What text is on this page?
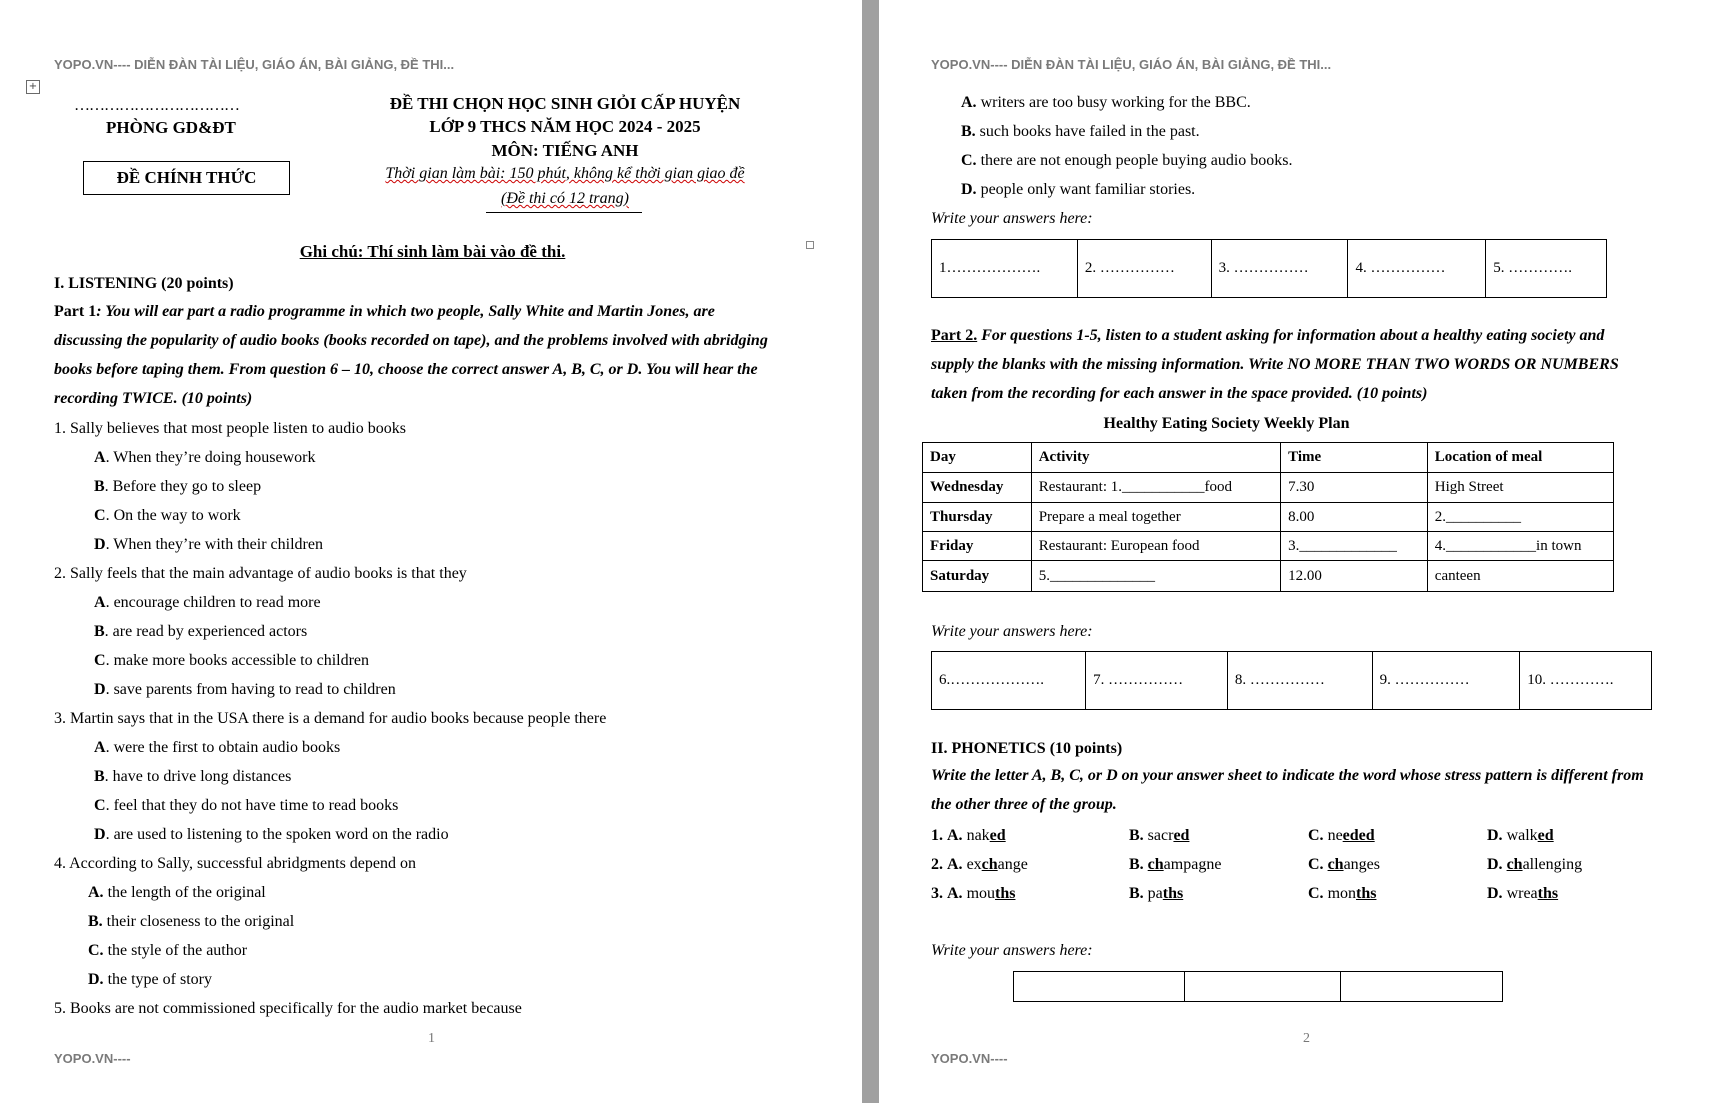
YOPO.VN---- DIỄN ĐÀN TÀI LIỆU, GIÁO ÁN, BÀI GIẢNG, ĐỀ THI...
+
……………………………
PHÒNG GD&ĐT
ĐỀ CHÍNH THỨC
ĐỀ THI CHỌN HỌC SINH GIỎI CẤP HUYỆN
LỚP 9 THCS NĂM HỌC 2024 - 2025
MÔN: TIẾNG ANH
Thời gian làm bài: 150 phút, không kể thời gian giao đề
(Đề thi có 12 trang)
Ghi chú: Thí sinh làm bài vào đề thi.
I. LISTENING (20 points)
Part 1: You will ear part a radio programme in which two people, Sally White and Martin Jones, are
discussing the popularity of audio books (books recorded on tape), and the problems involved with abridging
books before taping them. From question 6 – 10, choose the correct answer A, B, C, or D. You will hear the
recording TWICE. (10 points)
1. Sally believes that most people listen to audio books
A. When they’re doing housework
B. Before they go to sleep
C. On the way to work
D. When they’re with their children
2. Sally feels that the main advantage of audio books is that they
A. encourage children to read more
B. are read by experienced actors
C. make more books accessible to children
D. save parents from having to read to children
3. Martin says that in the USA there is a demand for audio books because people there
A. were the first to obtain audio books
B. have to drive long distances
C. feel that they do not have time to read books
D. are used to listening to the spoken word on the radio
4. According to Sally, successful abridgments depend on
A. the length of the original
B. their closeness to the original
C. the style of the author
D. the type of story
5. Books are not commissioned specifically for the audio market because
1
YOPO.VN----
YOPO.VN---- DIỄN ĐÀN TÀI LIỆU, GIÁO ÁN, BÀI GIẢNG, ĐỀ THI...
A. writers are too busy working for the BBC.
B. such books have failed in the past.
C. there are not enough people buying audio books.
D. people only want familiar stories.
Write your answers here:
1……………….	2. ……………	3. ……………	4. ……………	5. ………….
Part 2. For questions 1-5, listen to a student asking for information about a healthy eating society and
supply the blanks with the missing information. Write NO MORE THAN TWO WORDS OR NUMBERS
taken from the recording for each answer in the space provided. (10 points)
Healthy Eating Society Weekly Plan
Day	Activity	Time	Location of meal
Wednesday	Restaurant: 1.___________food	7.30	High Street
Thursday	Prepare a meal together	8.00	2.__________
Friday	Restaurant: European food	3._____________	4.____________in town
Saturday	5.______________	12.00	canteen
Write your answers here:
6.……………….	7. ……………	8. ……………	9. ……………	10. ………….
II. PHONETICS (10 points)
Write the letter A, B, C, or D on your answer sheet to indicate the word whose stress pattern is different from
the other three of the group.
1. A. naked	B. sacred	C. needed	D. walked
2. A. exchange	B. champagne	C. changes	D. challenging
3. A. mouths	B. paths	C. months	D. wreaths
Write your answers here:

2
YOPO.VN----
